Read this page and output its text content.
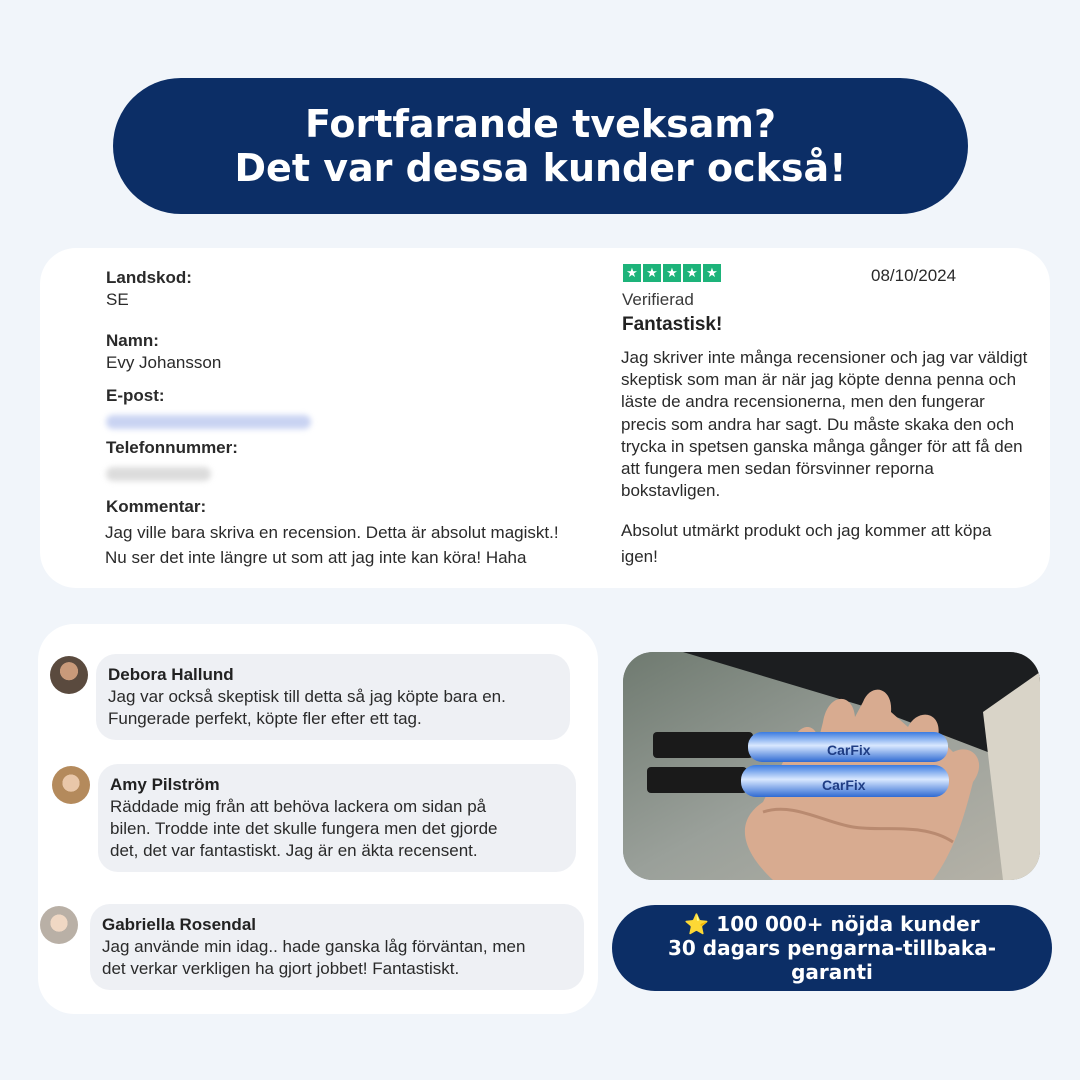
Fortfarande tveksam?
Det var dessa kunder också!
Landskod:
SE
Namn:
Evy Johansson
E-post:
Telefonnummer:
Kommentar:
Jag ville bara skriva en recension. Detta är absolut magiskt.!
Nu ser det inte längre ut som att jag inte kan köra! Haha
★ ★ ★ ★ ★	08/10/2024
Verifierad
Fantastisk!
Jag skriver inte många recensioner och jag var väldigt skeptisk som man är när jag köpte denna penna och läste de andra recensionerna, men den fungerar precis som andra har sagt. Du måste skaka den och trycka in spetsen ganska många gånger för att få den att fungera men sedan försvinner reporna bokstavligen.
Absolut utmärkt produkt och jag kommer att köpa igen!
Debora Hallund
Jag var också skeptisk till detta så jag köpte bara en. Fungerade perfekt, köpte fler efter ett tag.
Amy Pilström
Räddade mig från att behöva lackera om sidan på bilen. Trodde inte det skulle fungera men det gjorde det, det var fantastiskt. Jag är en äkta recensent.
Gabriella Rosendal
Jag använde min idag.. hade ganska låg förväntan, men det verkar verkligen ha gjort jobbet! Fantastiskt.
CarFix
CarFix
⭐ 100 000+ nöjda kunder
30 dagars pengarna-tillbaka-
garanti
